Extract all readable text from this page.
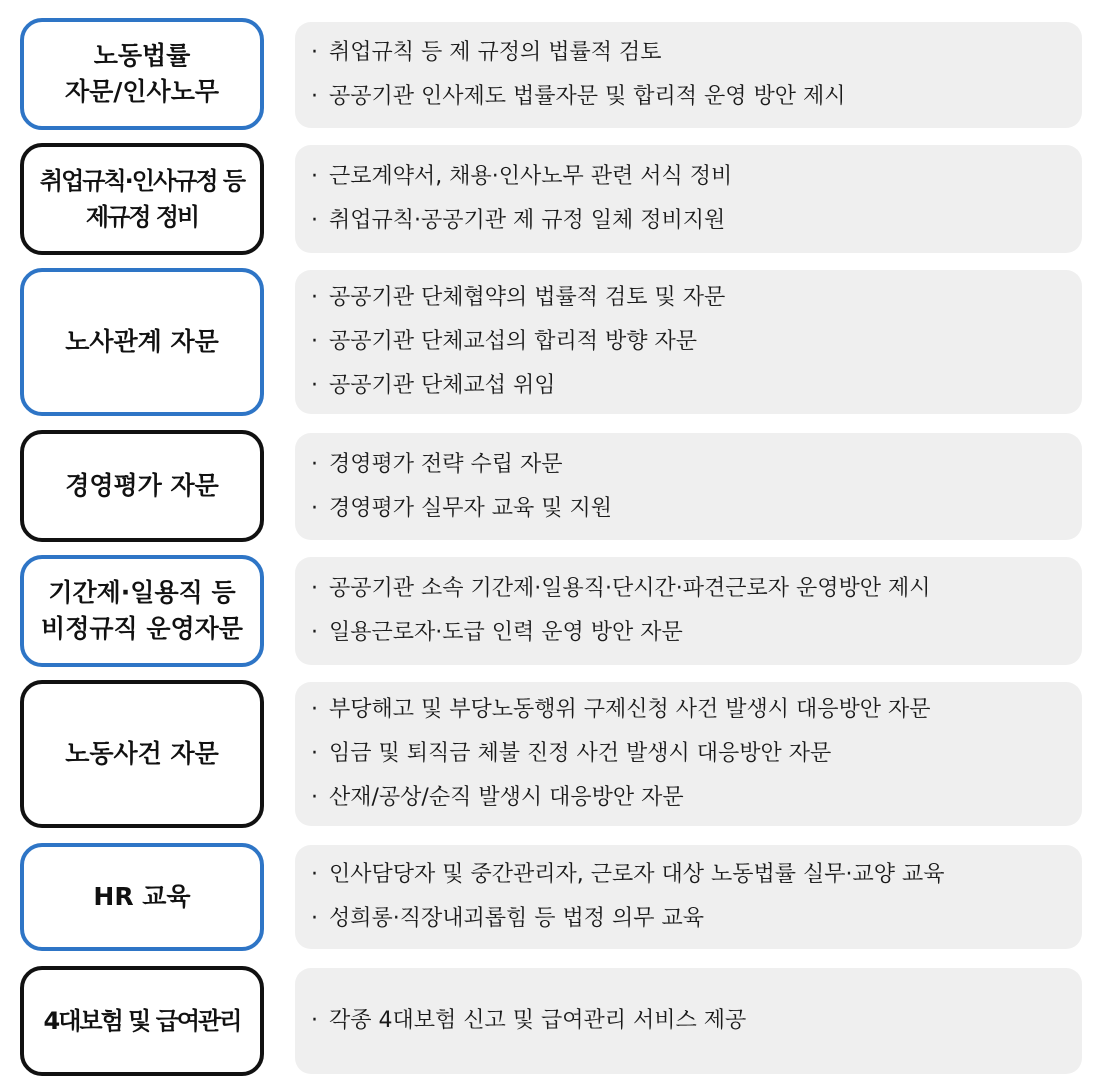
노동법률
자문/인사노무
· 취업규칙 등 제 규정의 법률적 검토
· 공공기관 인사제도 법률자문 및 합리적 운영 방안 제시
취업규칙·인사규정 등
제규정 정비
· 근로계약서, 채용·인사노무 관련 서식 정비
· 취업규칙·공공기관 제 규정 일체 정비지원
노사관계 자문
· 공공기관 단체협약의 법률적 검토 및 자문
· 공공기관 단체교섭의 합리적 방향 자문
· 공공기관 단체교섭 위임
경영평가 자문
· 경영평가 전략 수립 자문
· 경영평가 실무자 교육 및 지원
기간제·일용직 등
비정규직 운영자문
· 공공기관 소속 기간제·일용직·단시간·파견근로자 운영방안 제시
· 일용근로자·도급 인력 운영 방안 자문
노동사건 자문
· 부당해고 및 부당노동행위 구제신청 사건 발생시 대응방안 자문
· 임금 및 퇴직금 체불 진정 사건 발생시 대응방안 자문
· 산재/공상/순직 발생시 대응방안 자문
HR 교육
· 인사담당자 및 중간관리자, 근로자 대상 노동법률 실무·교양 교육
· 성희롱·직장내괴롭힘 등 법정 의무 교육
4대보험 및 급여관리	· 각종 4대보험 신고 및 급여관리 서비스 제공
